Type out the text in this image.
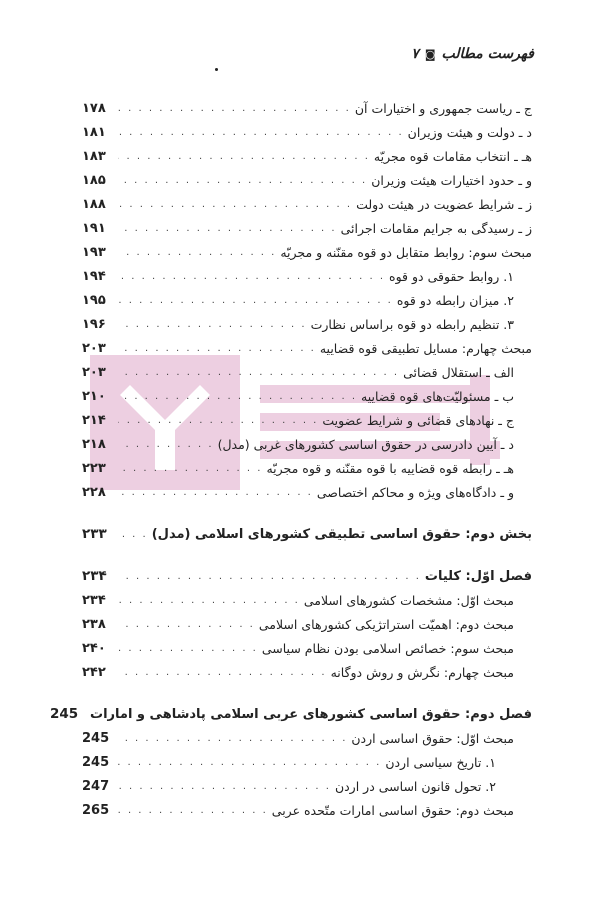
فهرست مطالب
◙
۷
ج ـ ریاست جمهوری و اختیارات آن
. . .
۱۷۸
د ـ دولت و هیئت وزیران
. . .
۱۸۱
هـ ـ انتخاب مقامات قوه مجریّه
. . .
۱۸۳
و ـ حدود اختیارات هیئت وزیران
. . .
۱۸۵
ز ـ شرایط عضویت در هیئت دولت
. . .
۱۸۸
ز ـ رسیدگی به جرایم مقامات اجرائی
. . .
۱۹۱
مبحث سوم: روابط متقابل دو قوه مقنّنه و مجریّه
. . .
۱۹۳
۱. روابط حقوقی دو قوه
. . .
۱۹۴
۲. میزان رابطه دو قوه
. . .
۱۹۵
۳. تنظیم رابطه دو قوه براساس نظارت
. . .
۱۹۶
مبحث چهارم: مسایل تطبیقی قوه قضاییه
. . .
۲۰۳
الف ـ استقلال قضائی
. . .
۲۰۳
ب ـ مسئولیّت‌های قوه قضاییه
. . .
۲۱۰
ج ـ نهادهای قضائی و شرایط عضویت
. . .
۲۱۴
د ـ آیین دادرسی در حقوق اساسی کشورهای غربی (مدل)
. . .
۲۱۸
هـ ـ رابطه قوه قضاییه با قوه مقنّنه و قوه مجریّه
. . .
۲۲۳
و ـ دادگاه‌های ویژه و محاکم اختصاصی
. . .
۲۲۸
بخش دوم: حقوق اساسی تطبیقی کشورهای اسلامی (مدل)
. . .
۲۳۳
فصل اوّل: کلیات
. . .
۲۳۴
مبحث اوّل: مشخصات کشورهای اسلامی
. . .
۲۳۴
مبحث دوم: اهمیّت استراتژیکی کشورهای اسلامی
. . .
۲۳۸
مبحث سوم: خصائص اسلامی بودن نظام سیاسی
. . .
۲۴۰
مبحث چهارم: نگرش و روش دوگانه
. . .
۲۴۲
فصل دوم: حقوق اساسی کشورهای عربی اسلامی پادشاهی و امارات
245
مبحث اوّل: حقوق اساسی اردن
. . .
245
۱. تاریخ سیاسی اردن
. . .
245
۲. تحول قانون اساسی در اردن
. . .
247
مبحث دوم: حقوق اساسی امارات متّحده عربی
. . .
265
